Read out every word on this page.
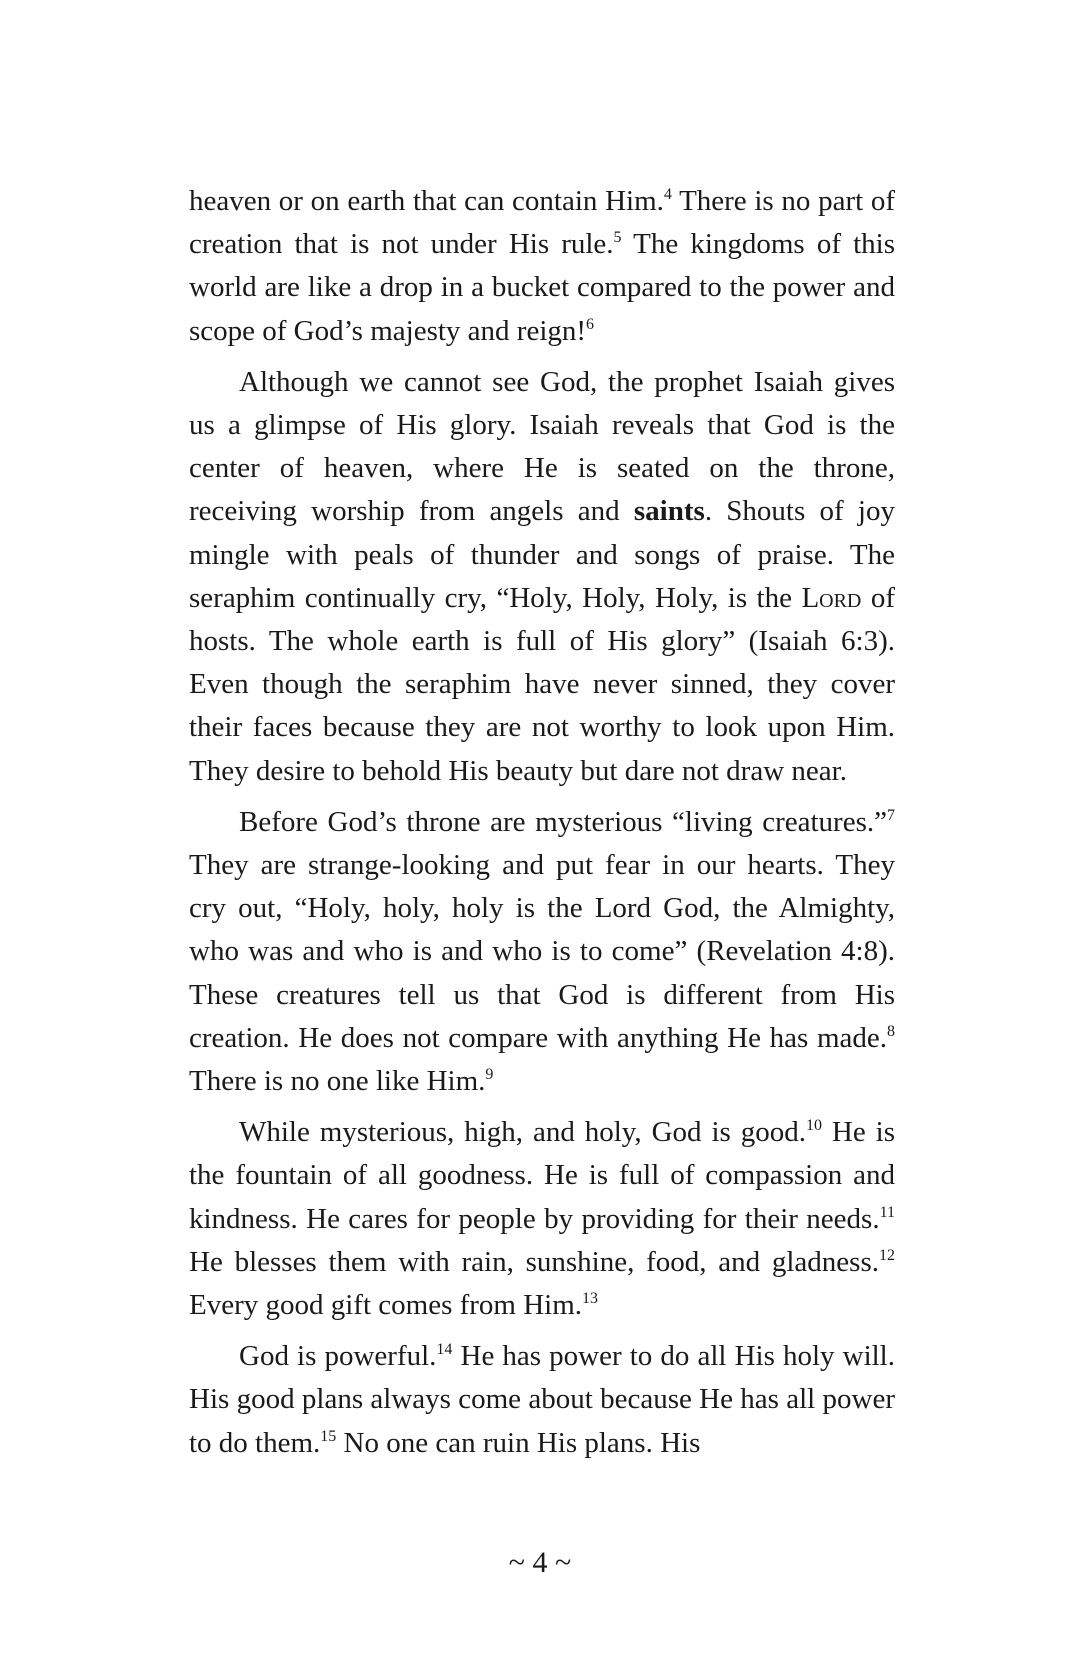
heaven or on earth that can contain Him.$^4$ There is no part of creation that is not under His rule.$^5$ The kingdoms of this world are like a drop in a bucket compared to the power and scope of God’s majesty and reign!$^6$

Although we cannot see God, the prophet Isaiah gives us a glimpse of His glory. Isaiah reveals that God is the center of heaven, where He is seated on the throne, receiving worship from angels and saints. Shouts of joy mingle with peals of thunder and songs of praise. The seraphim continually cry, “Holy, Holy, Holy, is the Lord of hosts. The whole earth is full of His glory” (Isaiah 6:3). Even though the seraphim have never sinned, they cover their faces because they are not worthy to look upon Him. They desire to behold His beauty but dare not draw near.

Before God’s throne are mysterious “living creatures.”$^7$ They are strange-looking and put fear in our hearts. They cry out, “Holy, holy, holy is the Lord God, the Almighty, who was and who is and who is to come” (Revelation 4:8). These creatures tell us that God is different from His creation. He does not compare with anything He has made.$^8$ There is no one like Him.$^9$

While mysterious, high, and holy, God is good.$^{10}$ He is the fountain of all goodness. He is full of compassion and kindness. He cares for people by providing for their needs.$^{11}$ He blesses them with rain, sunshine, food, and gladness.$^{12}$ Every good gift comes from Him.$^{13}$

God is powerful.$^{14}$ He has power to do all His holy will. His good plans always come about because He has all power to do them.$^{15}$ No one can ruin His plans. His

~ 4 ~
